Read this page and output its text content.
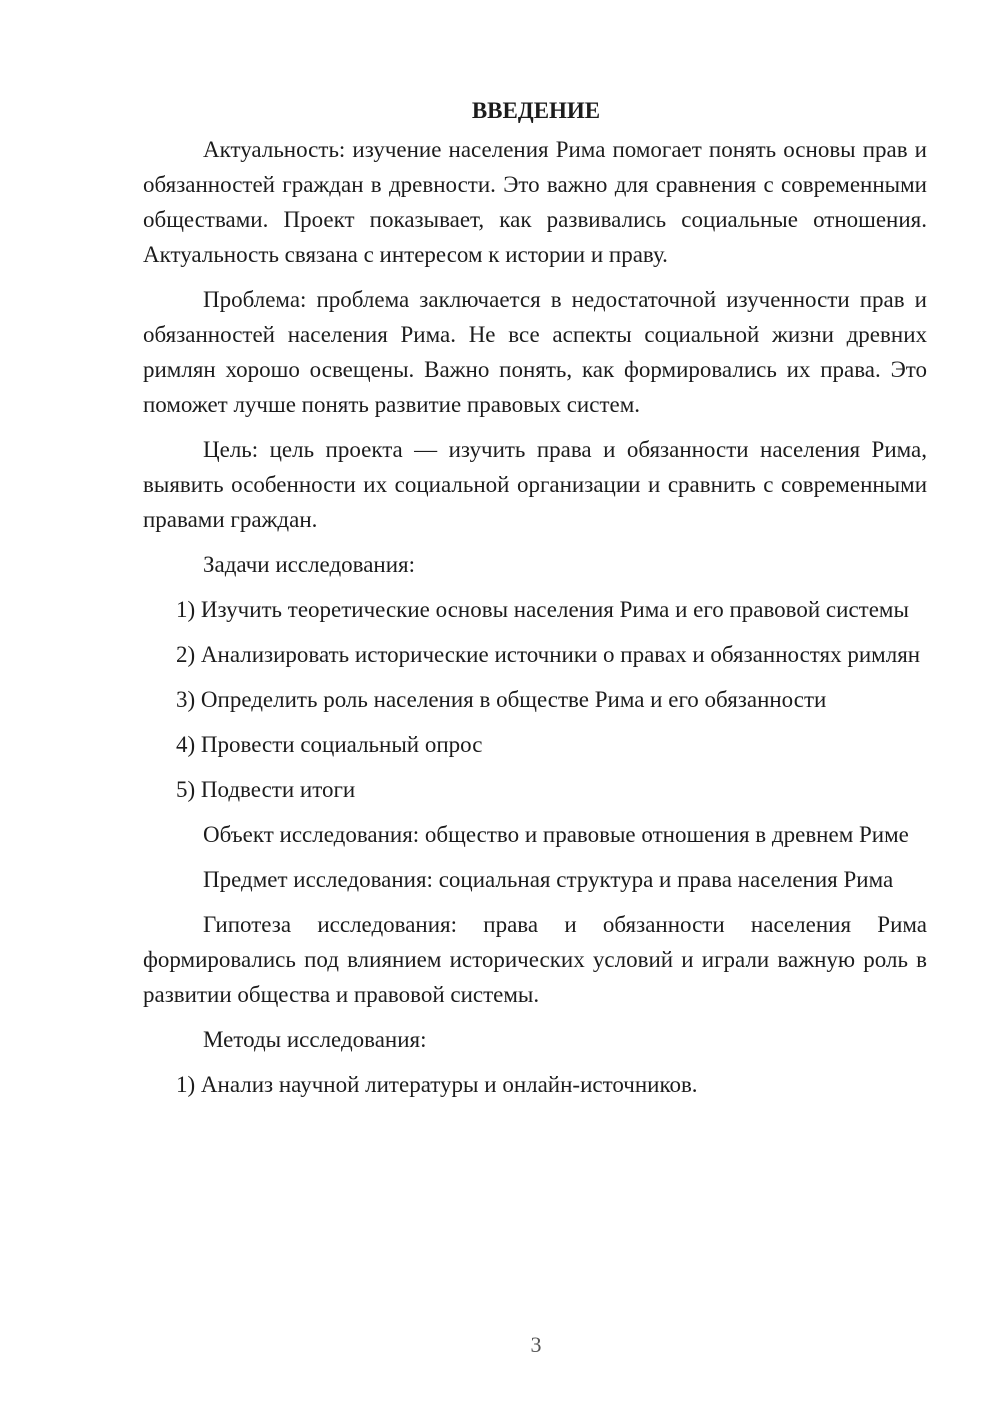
ВВЕДЕНИЕ

Актуальность: изучение населения Рима помогает понять основы прав и обязанностей граждан в древности. Это важно для сравнения с современными обществами. Проект показывает, как развивались социальные отношения. Актуальность связана с интересом к истории и праву.

Проблема: проблема заключается в недостаточной изученности прав и обязанностей населения Рима. Не все аспекты социальной жизни древних римлян хорошо освещены. Важно понять, как формировались их права. Это поможет лучше понять развитие правовых систем.

Цель: цель проекта — изучить права и обязанности населения Рима, выявить особенности их социальной организации и сравнить с современными правами граждан.

Задачи исследования:

1) Изучить теоретические основы населения Рима и его правовой системы

2) Анализировать исторические источники о правах и обязанностях римлян

3) Определить роль населения в обществе Рима и его обязанности

4) Провести социальный опрос

5) Подвести итоги

Объект исследования: общество и правовые отношения в древнем Риме

Предмет исследования: социальная структура и права населения Рима

Гипотеза исследования: права и обязанности населения Рима формировались под влиянием исторических условий и играли важную роль в развитии общества и правовой системы.

Методы исследования:

1) Анализ научной литературы и онлайн-источников.

3
